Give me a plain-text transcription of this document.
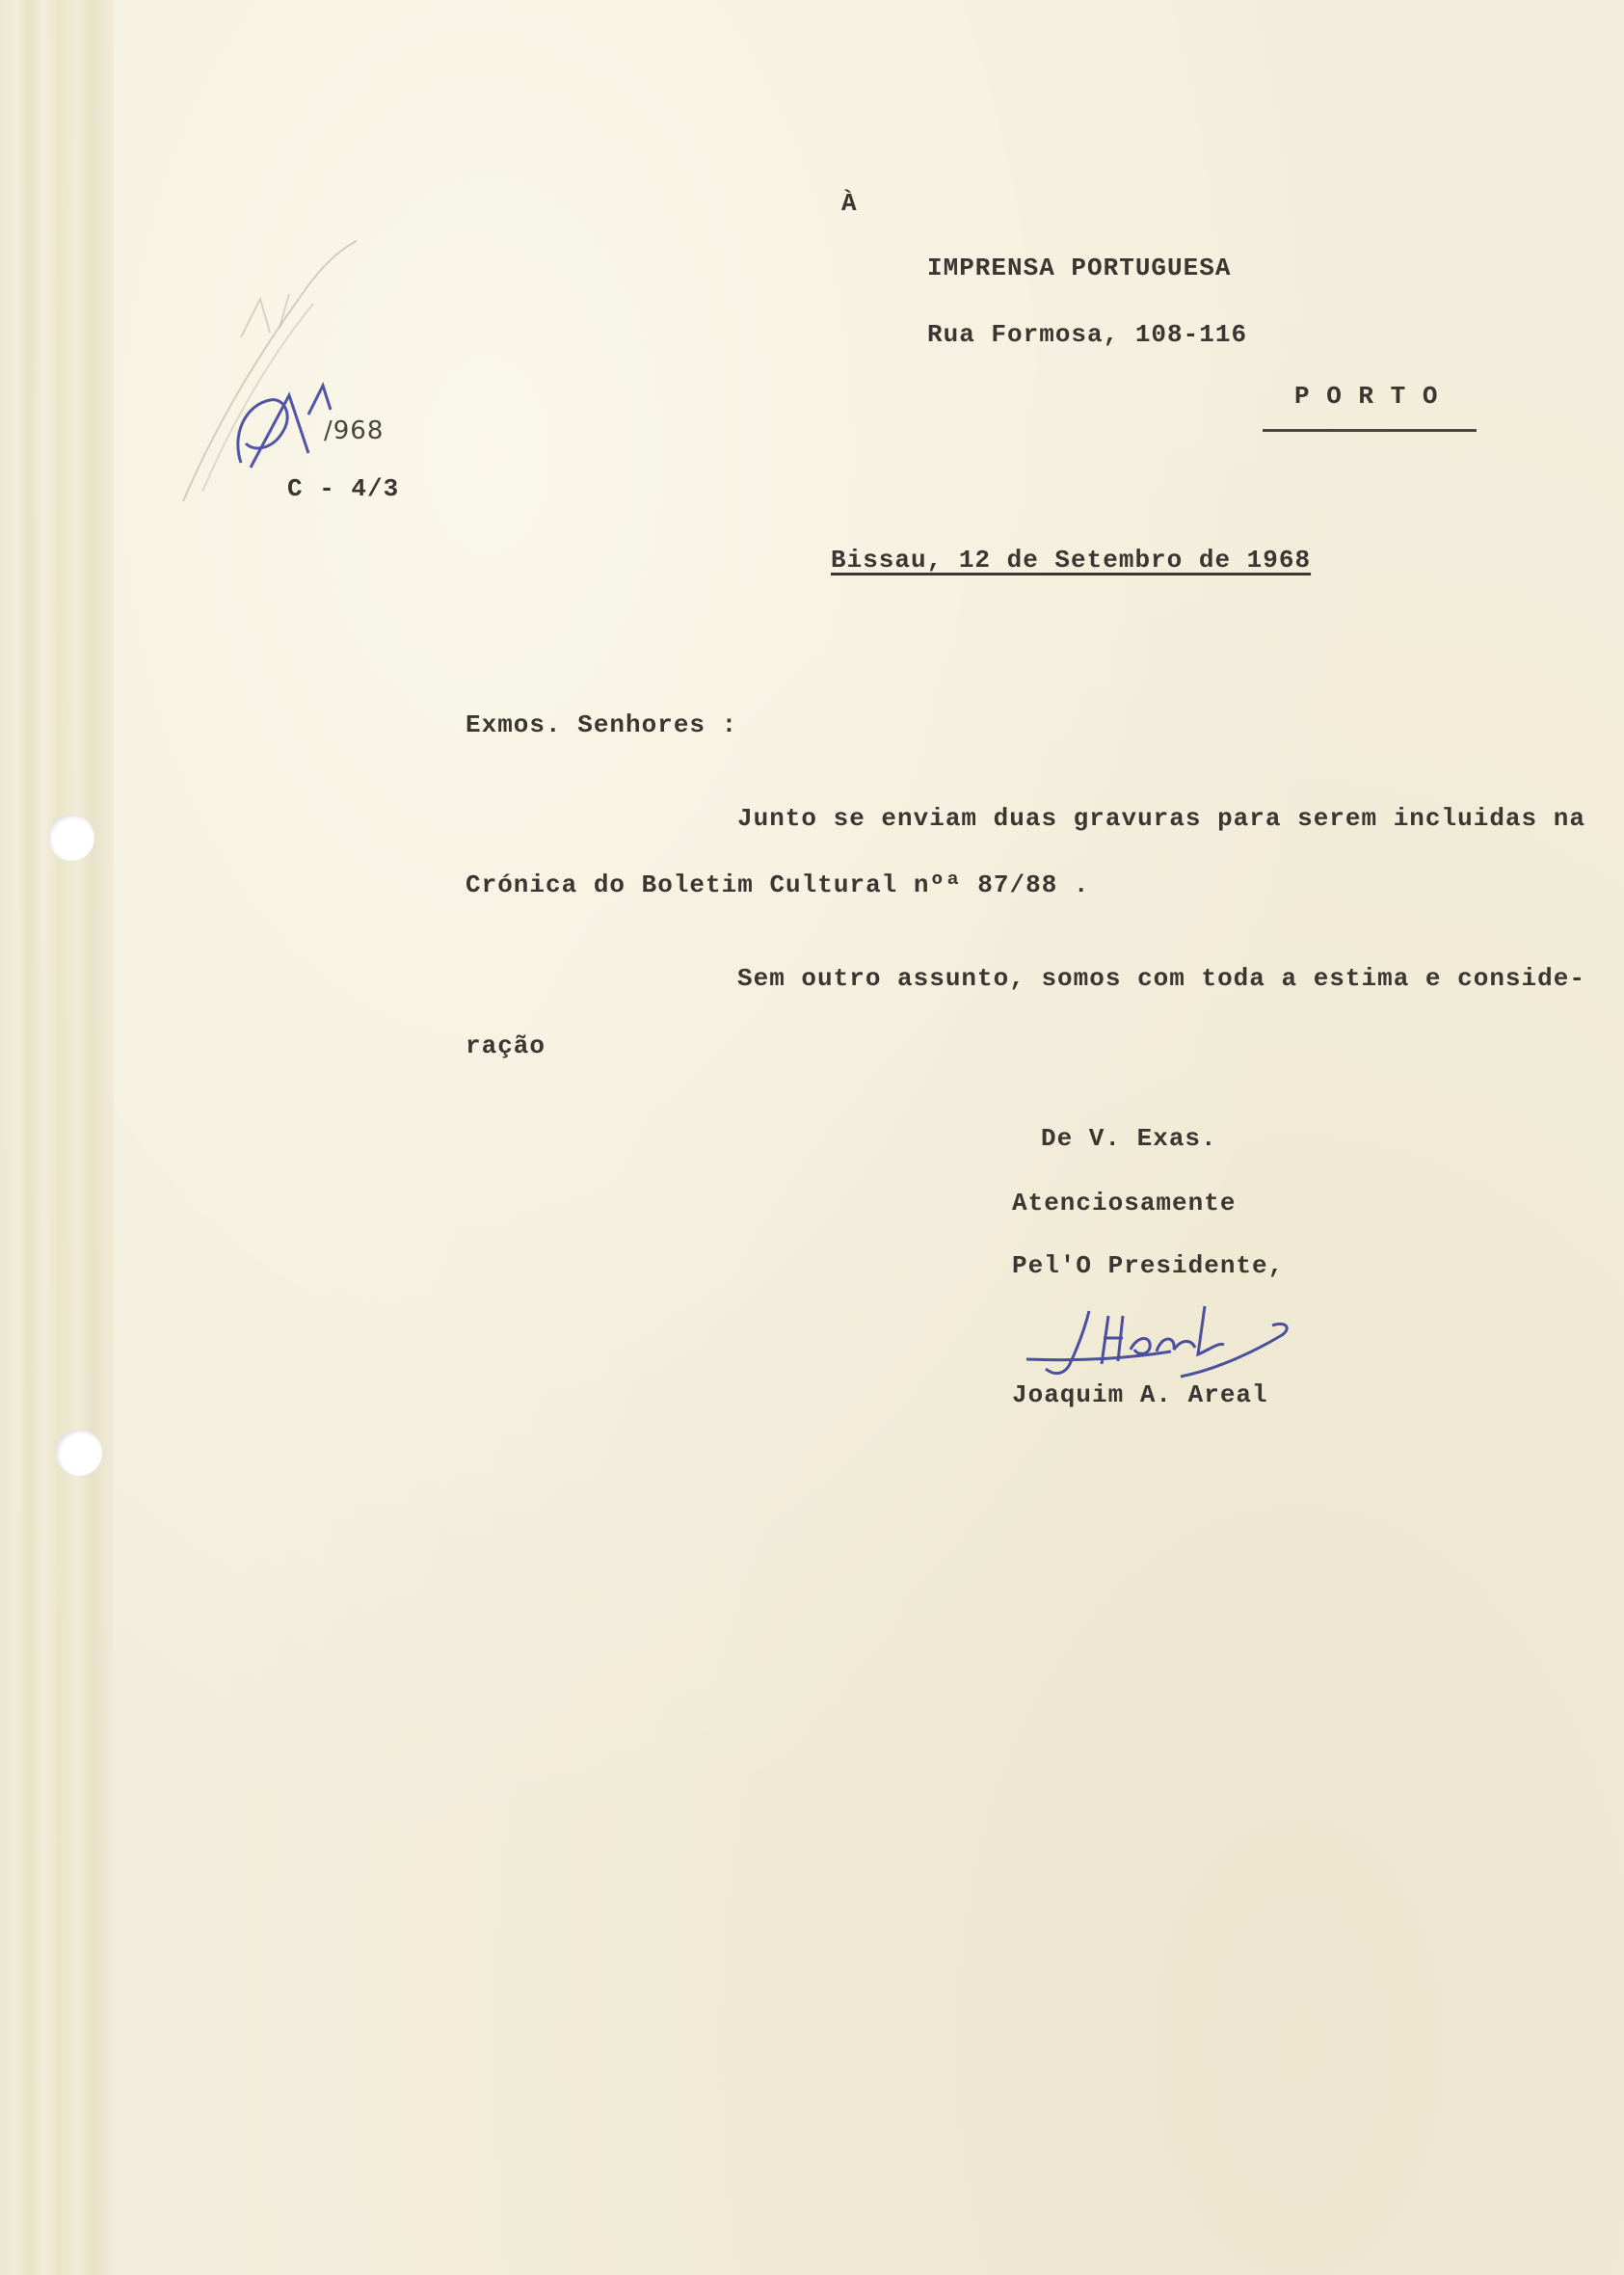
/968
C - 4/3
À
IMPRENSA PORTUGUESA
Rua Formosa, 108-116
P O R T O
Bissau, 12 de Setembro de 1968
Exmos. Senhores :
Junto se enviam duas gravuras para serem incluidas na
Crónica do Boletim Cultural nºª 87/88 .
Sem outro assunto, somos com toda a estima e conside-
ração
De V. Exas.
Atenciosamente
Pel'O Presidente,
Joaquim A. Areal
